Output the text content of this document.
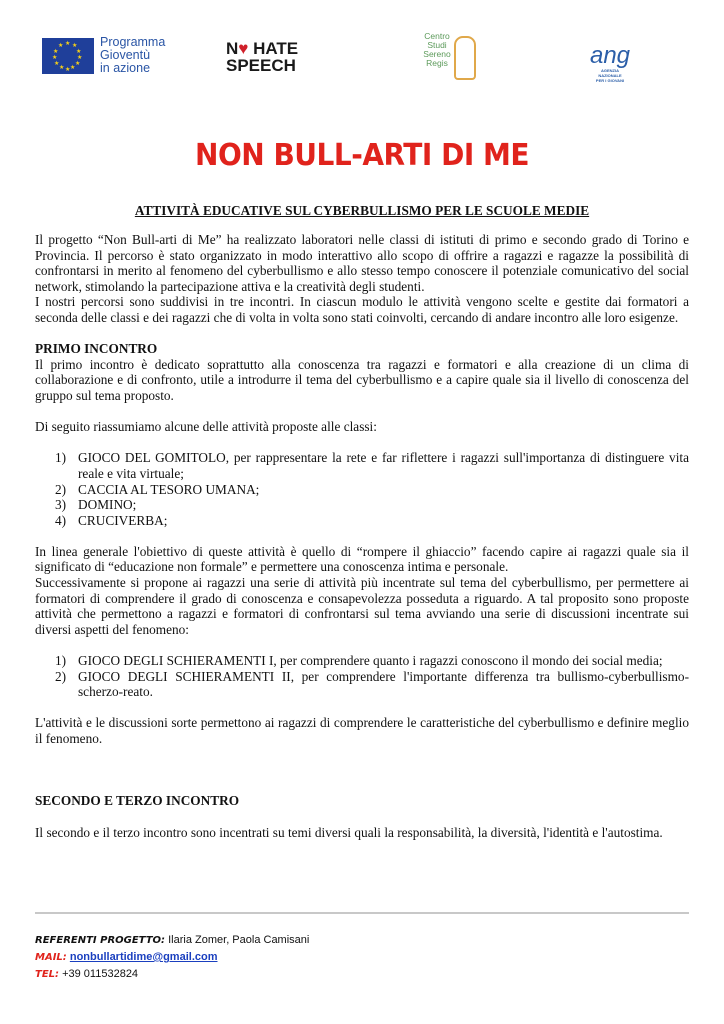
★ ★
★
★
★
★
★
★
★
★
★
★	Programma
Gioventù
in azione
N♥ HATE
SPEECH
Centro
Studi
Sereno
Regis	ang
AGENZIA
NAZIONALE
PER I GIOVANI
NON BULL-ARTI DI ME
ATTIVITÀ EDUCATIVE SUL CYBERBULLISMO PER LE SCUOLE MEDIE

Il progetto “Non Bull-arti di Me” ha realizzato laboratori nelle classi di istituti di primo e secondo grado di Torino e Provincia. Il percorso è stato organizzato in modo interattivo allo scopo di offrire a ragazzi e ragazze la possibilità di confrontarsi in merito al fenomeno del cyberbullismo e allo stesso tempo conoscere il potenziale comunicativo del social network, stimolando la partecipazione attiva e la creatività degli studenti.

I nostri percorsi sono suddivisi in tre incontri. In ciascun modulo le attività vengono scelte e gestite dai formatori a seconda delle classi e dei ragazzi che di volta in volta sono stati coinvolti, cercando di andare incontro alle loro esigenze.

PRIMO INCONTRO

Il primo incontro è dedicato soprattutto alla conoscenza tra ragazzi e formatori e alla creazione di un clima di collaborazione e di confronto, utile a introdurre il tema del cyberbullismo e a capire quale sia il livello di conoscenza del gruppo sul tema proposto.

Di seguito riassumiamo alcune delle attività proposte alle classi:

1) GIOCO DEL GOMITOLO, per rappresentare la rete e far riflettere i ragazzi sull'importanza di distinguere vita reale e vita virtuale;
2) CACCIA AL TESORO UMANA;
3) DOMINO;
4) CRUCIVERBA;

In linea generale l'obiettivo di queste attività è quello di “rompere il ghiaccio” facendo capire ai ragazzi quale sia il significato di “educazione non formale” e permettere una conoscenza intima e personale.

Successivamente si propone ai ragazzi una serie di attività più incentrate sul tema del cyberbullismo, per permettere ai formatori di comprendere il grado di conoscenza e consapevolezza posseduta a riguardo. A tal proposito sono proposte attività che permettono a ragazzi e formatori di confrontarsi sul tema avviando una serie di discussioni incentrate sui diversi aspetti del fenomeno:

1) GIOCO DEGLI SCHIERAMENTI I, per comprendere quanto i ragazzi conoscono il mondo dei social media;
2) GIOCO DEGLI SCHIERAMENTI II, per comprendere l'importante differenza tra bullismo-cyberbullismo-scherzo-reato.

L'attività e le discussioni sorte permettono ai ragazzi di comprendere le caratteristiche del cyberbullismo e definire meglio il fenomeno.

SECONDO E TERZO INCONTRO

Il secondo e il terzo incontro sono incentrati su temi diversi quali la responsabilità, la diversità, l'identità e l'autostima.

REFERENTI PROGETTO: Ilaria Zomer, Paola Camisani
MAIL: nonbullartidime@gmail.com
TEL: +39 011532824
